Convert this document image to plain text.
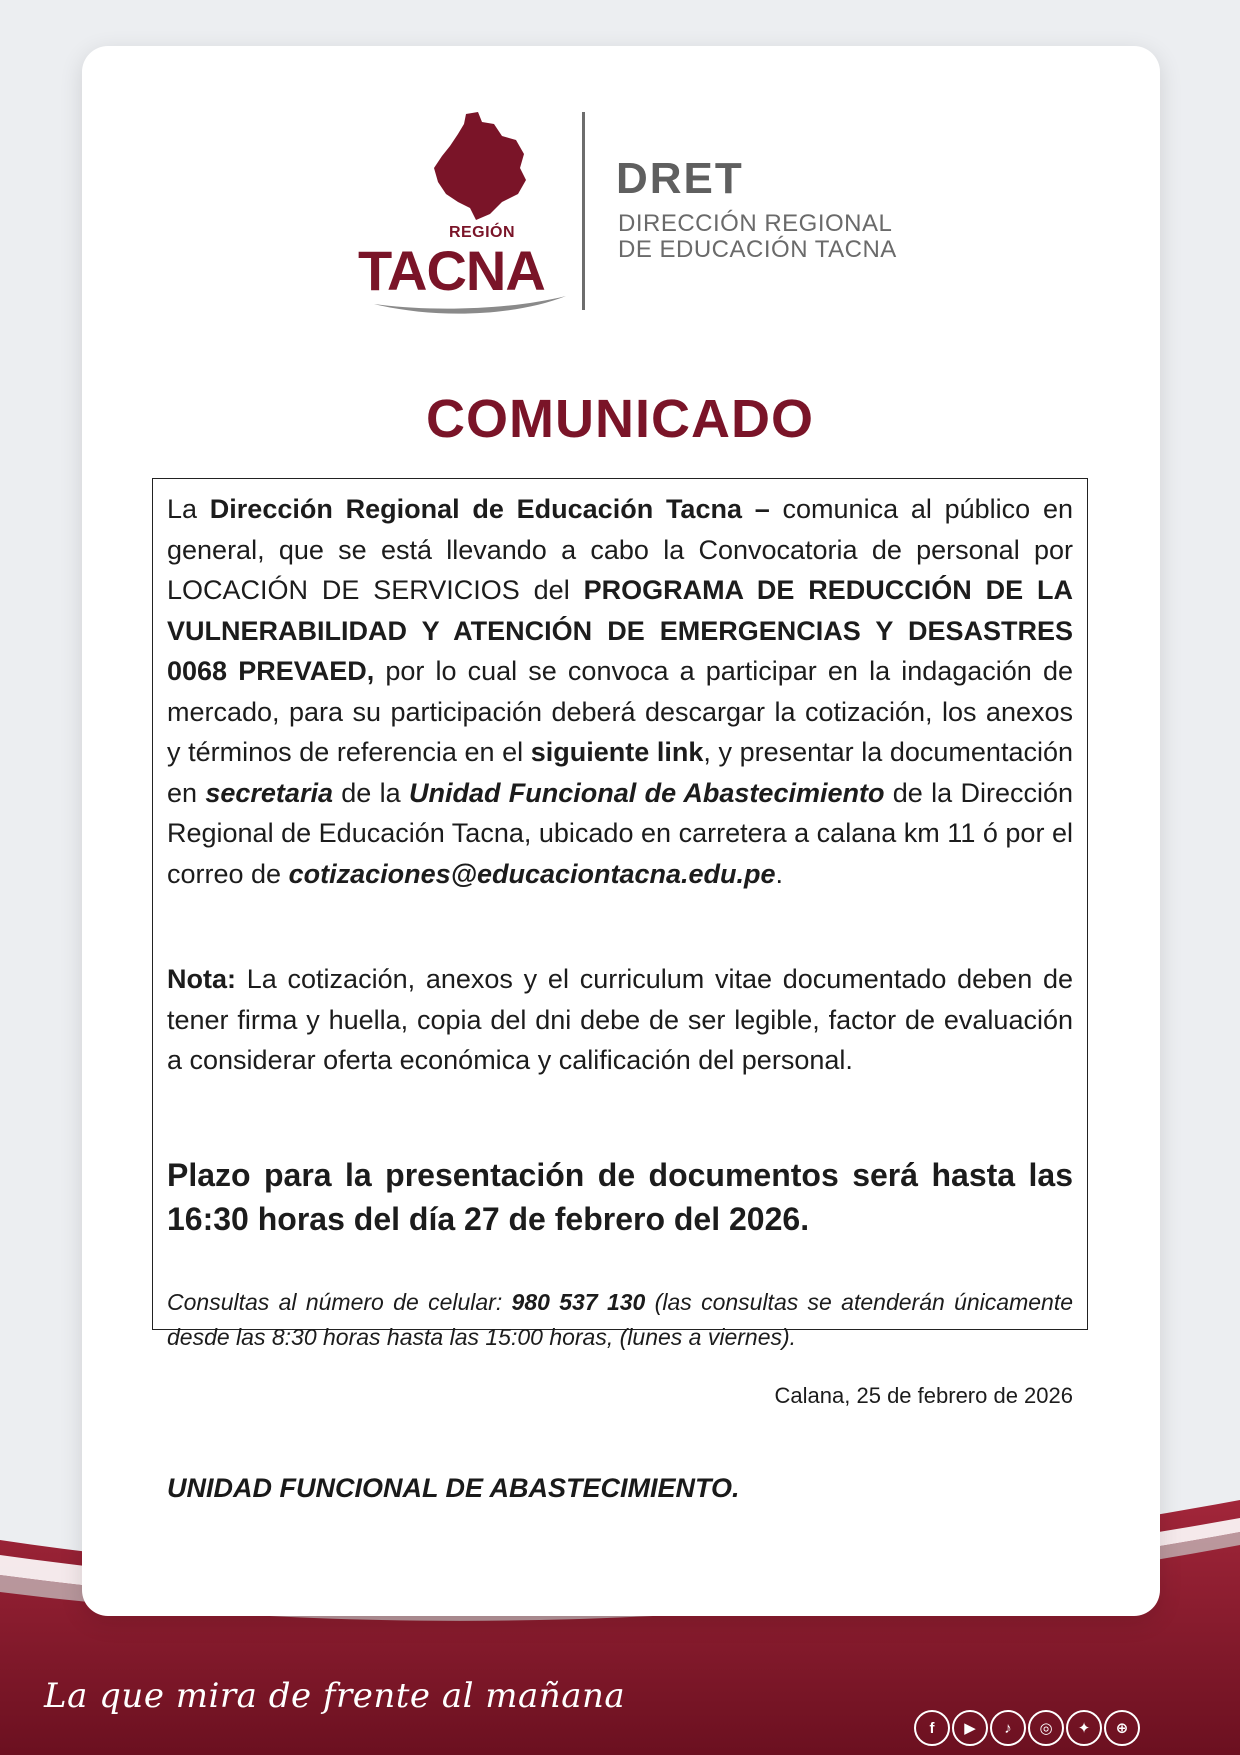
REGIÓN
TACNA
DRET
DIRECCIÓN REGIONAL
DE EDUCACIÓN TACNA
COMUNICADO

La Dirección Regional de Educación Tacna – comunica al público en general, que se está llevando a cabo la Convocatoria de personal por LOCACIÓN DE SERVICIOS del PROGRAMA DE REDUCCIÓN DE LA VULNERABILIDAD Y ATENCIÓN DE EMERGENCIAS Y DESASTRES 0068 PREVAED, por lo cual se convoca a participar en la indagación de mercado, para su participación deberá descargar la cotización, los anexos y términos de referencia en el siguiente link, y presentar la documentación en secretaria de la Unidad Funcional de Abastecimiento de la Dirección Regional de Educación Tacna, ubicado en carretera a calana km 11 ó por el correo de cotizaciones@educaciontacna.edu.pe.

Nota: La cotización, anexos y el curriculum vitae documentado deben de tener firma y huella, copia del dni debe de ser legible, factor de evaluación a considerar oferta económica y calificación del personal.

Plazo para la presentación de documentos será hasta las 16:30 horas del día 27 de febrero del 2026.

Consultas al número de celular: 980 537 130 (las consultas se atenderán únicamente desde las 8:30 horas hasta las 15:00 horas, (lunes a viernes).

Calana, 25 de febrero de 2026
UNIDAD FUNCIONAL DE ABASTECIMIENTO.
La que mira de frente al mañana
f	▶	♪	◎	✦	⊕
